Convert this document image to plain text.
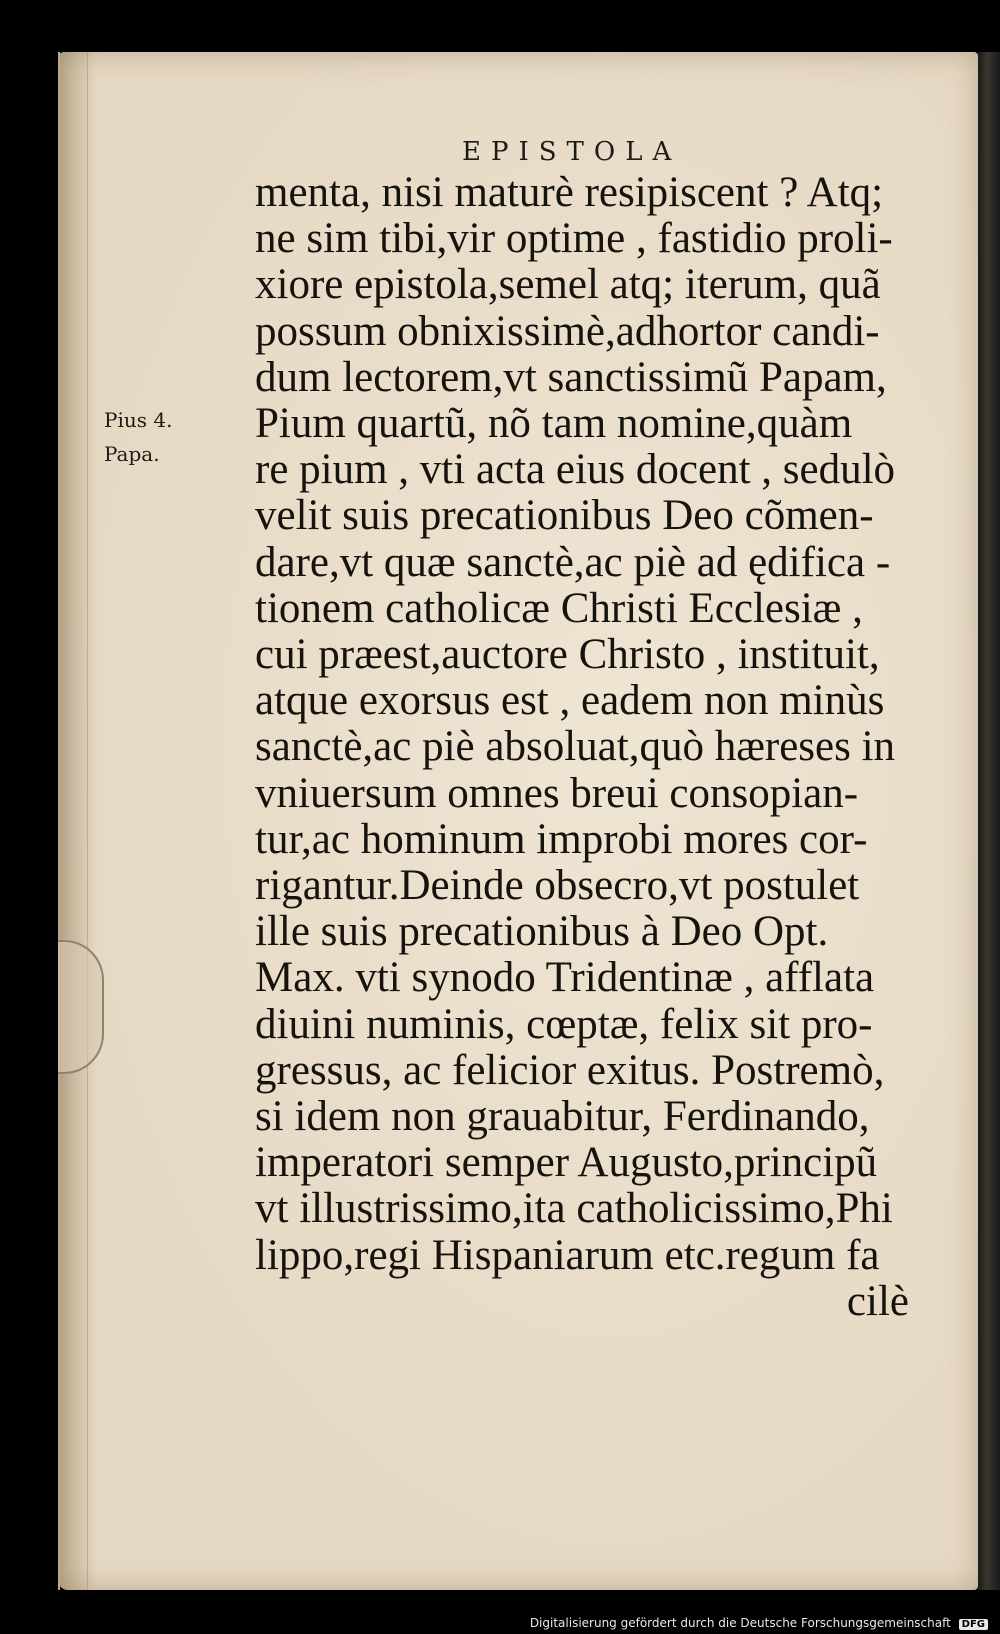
EPISTOLA
Pius 4.
Papa.
menta, nisi maturè resipiscent ? Atq;
ne sim tibi,vir optime , fastidio proli-
xiore epistola,semel atq; iterum, quã
possum obnixissimè,adhortor candi-
dum lectorem,vt sanctissimũ Papam,
Pium quartũ, nõ tam nomine,quàm
re pium , vti acta eius docent , sedulò
velit suis precationibus Deo cõmen-
dare,vt quæ sanctè,ac piè ad ędifica -
tionem catholicæ Christi Ecclesiæ ,
cui præest,auctore Christo , instituit,
atque exorsus est , eadem non minùs
sanctè,ac piè absoluat,quò hæreses in
vniuersum omnes breui consopian-
tur,ac hominum improbi mores cor-
rigantur.Deinde obsecro,vt postulet
ille suis precationibus à Deo Opt.
Max. vti synodo Tridentinæ , afflata
diuini numinis, cœptæ, felix sit pro-
gressus, ac felicior exitus. Postremò,
si idem non grauabitur, Ferdinando,
imperatori semper Augusto,principũ
vt illustrissimo,ita catholicissimo,Phi
lippo,regi Hispaniarum etc.regum fa
cilè
Digitalisierung gefördert durch die Deutsche Forschungsgemeinschaft DFG
